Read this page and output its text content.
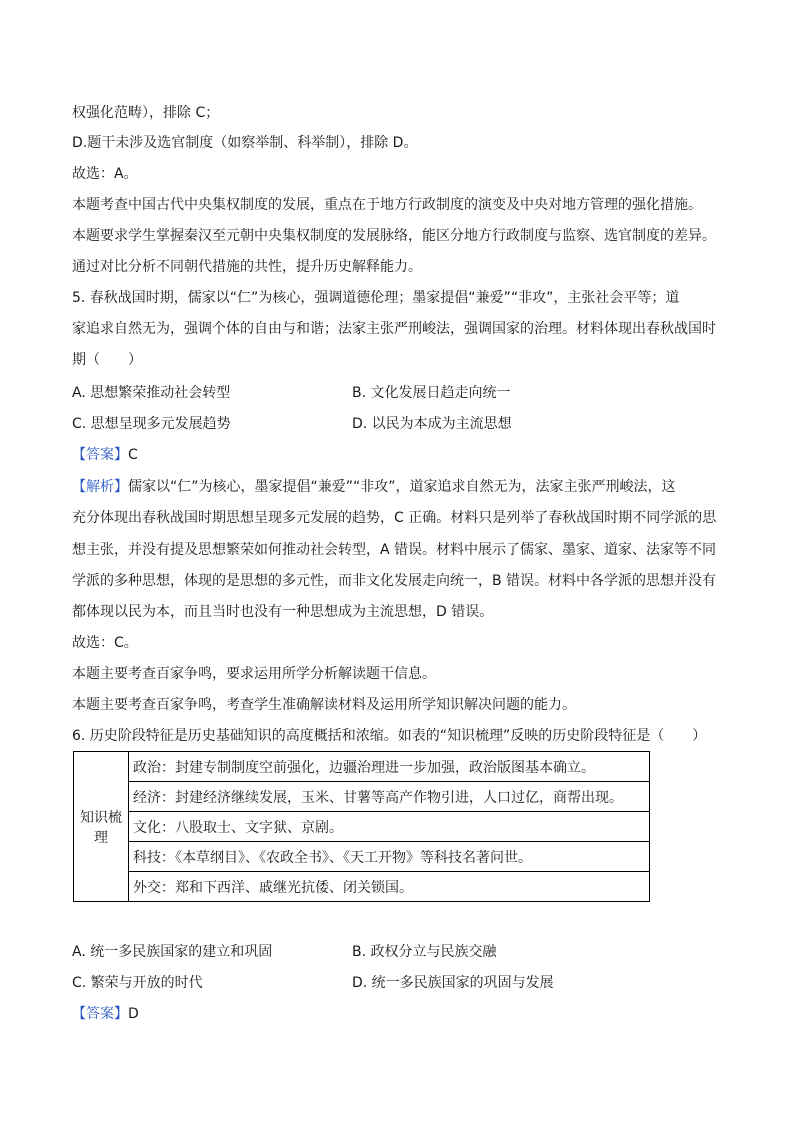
权强化范畴），排除 C；
D.题干未涉及选官制度（如察举制、科举制），排除 D。
故选：A。
本题考查中国古代中央集权制度的发展，重点在于地方行政制度的演变及中央对地方管理的强化措施。
本题要求学生掌握秦汉至元朝中央集权制度的发展脉络，能区分地方行政制度与监察、选官制度的差异。
通过对比分析不同朝代措施的共性，提升历史解释能力。
5. 春秋战国时期，儒家以“仁”为核心，强调道德伦理；墨家提倡“兼爱”“非攻”，主张社会平等；道
家追求自然无为，强调个体的自由与和谐；法家主张严刑峻法，强调国家的治理。材料体现出春秋战国时
期（　　）
A. 思想繁荣推动社会转型	B. 文化发展日趋走向统一
C. 思想呈现多元发展趋势	D. 以民为本成为主流思想
【答案】C
【解析】儒家以“仁”为核心，墨家提倡“兼爱”“非攻”，道家追求自然无为，法家主张严刑峻法，这
充分体现出春秋战国时期思想呈现多元发展的趋势，C 正确。材料只是列举了春秋战国时期不同学派的思
想主张，并没有提及思想繁荣如何推动社会转型，A 错误。材料中展示了儒家、墨家、道家、法家等不同
学派的多种思想，体现的是思想的多元性，而非文化发展走向统一，B 错误。材料中各学派的思想并没有
都体现以民为本，而且当时也没有一种思想成为主流思想，D 错误。
故选：C。
本题主要考查百家争鸣，要求运用所学分析解读题干信息。
本题主要考查百家争鸣，考查学生准确解读材料及运用所学知识解决问题的能力。
6. 历史阶段特征是历史基础知识的高度概括和浓缩。如表的“知识梳理”反映的历史阶段特征是（　　）
知识梳理	政治：封建专制制度空前强化，边疆治理进一步加强，政治版图基本确立。
经济：封建经济继续发展，玉米、甘薯等高产作物引进，人口过亿，商帮出现。
文化：八股取士、文字狱、京剧。
科技：《本草纲目》、《农政全书》、《天工开物》等科技名著问世。
外交：郑和下西洋、戚继光抗倭、闭关锁国。
A. 统一多民族国家的建立和巩固	B. 政权分立与民族交融
C. 繁荣与开放的时代	D. 统一多民族国家的巩固与发展
【答案】D
